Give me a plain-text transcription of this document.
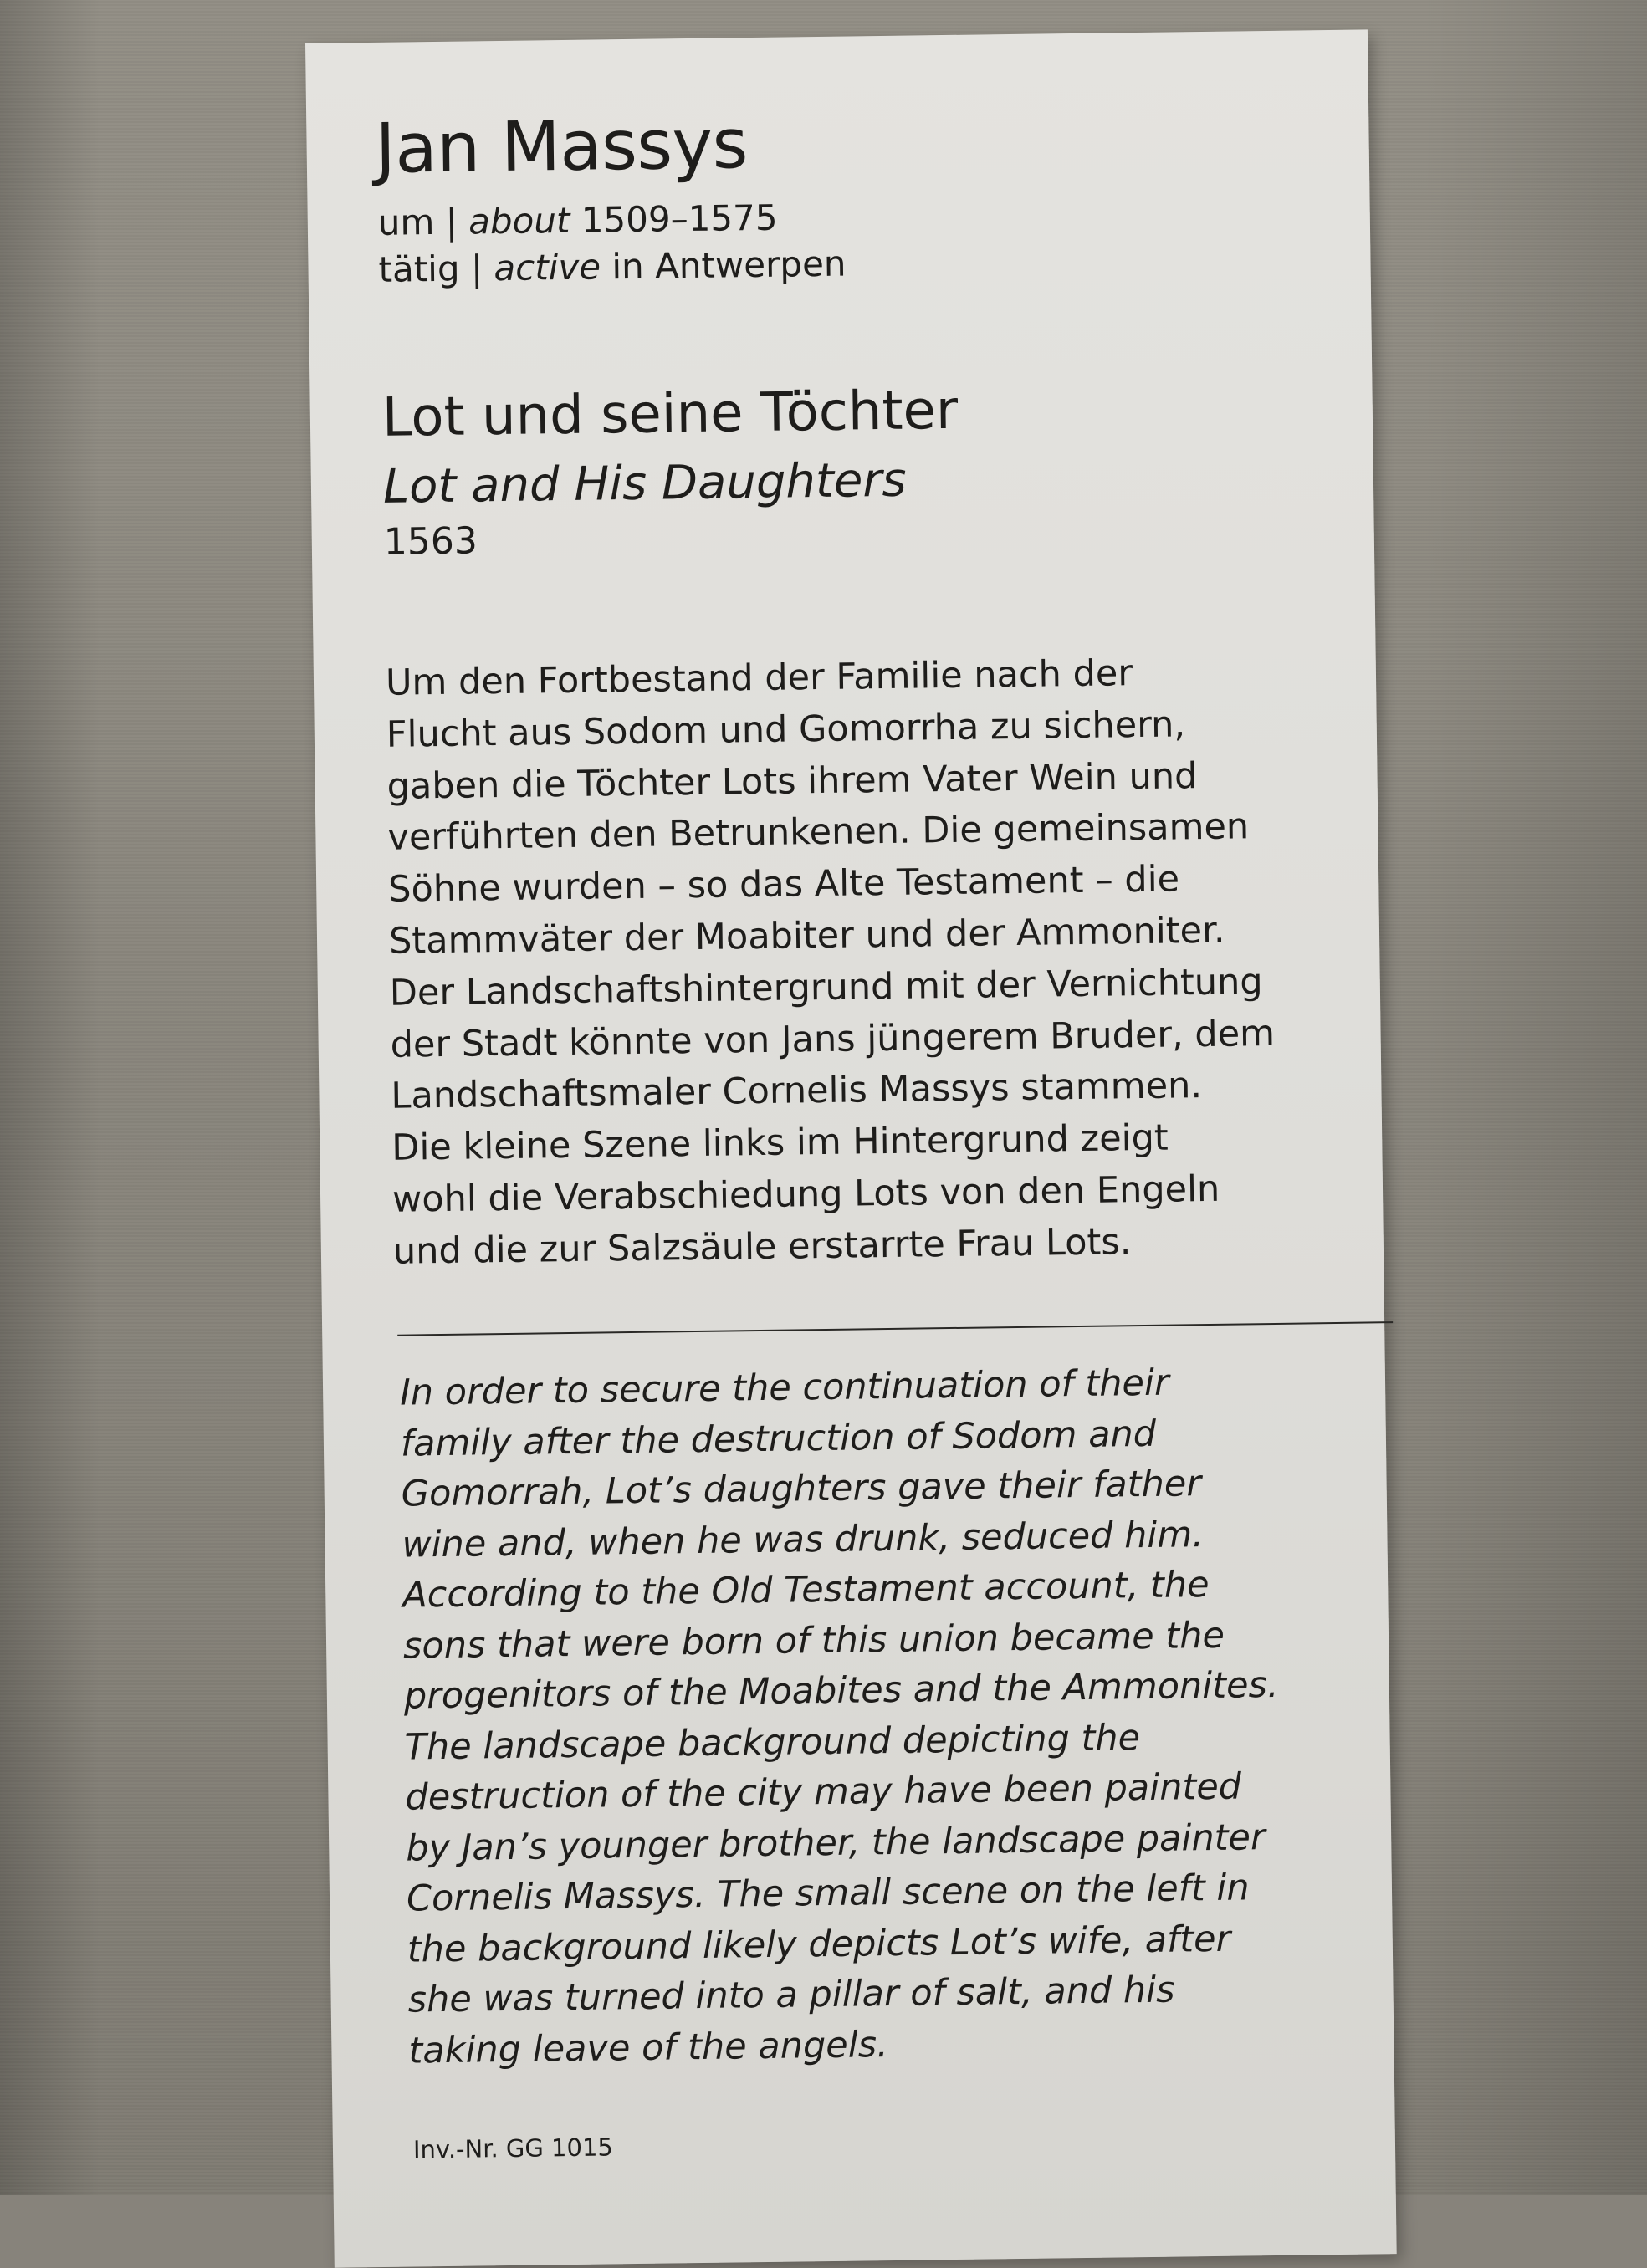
Jan Massys
um | about 1509–1575
tätig | active in Antwerpen
Lot und seine Töchter
Lot and His Daughters
1563
Um den Fortbestand der Familie nach der
Flucht aus Sodom und Gomorrha zu sichern,
gaben die Töchter Lots ihrem Vater Wein und
verführten den Betrunkenen. Die gemeinsamen
Söhne wurden – so das Alte Testament – die
Stammväter der Moabiter und der Ammoniter.
Der Landschaftshintergrund mit der Vernichtung
der Stadt könnte von Jans jüngerem Bruder, dem
Landschaftsmaler Cornelis Massys stammen.
Die kleine Szene links im Hintergrund zeigt
wohl die Verabschiedung Lots von den Engeln
und die zur Salzsäule erstarrte Frau Lots.
In order to secure the continuation of their
family after the destruction of Sodom and
Gomorrah, Lot’s daughters gave their father
wine and, when he was drunk, seduced him.
According to the Old Testament account, the
sons that were born of this union became the
progenitors of the Moabites and the Ammonites.
The landscape background depicting the
destruction of the city may have been painted
by Jan’s younger brother, the landscape painter
Cornelis Massys. The small scene on the left in
the background likely depicts Lot’s wife, after
she was turned into a pillar of salt, and his
taking leave of the angels.
Inv.-Nr. GG 1015
